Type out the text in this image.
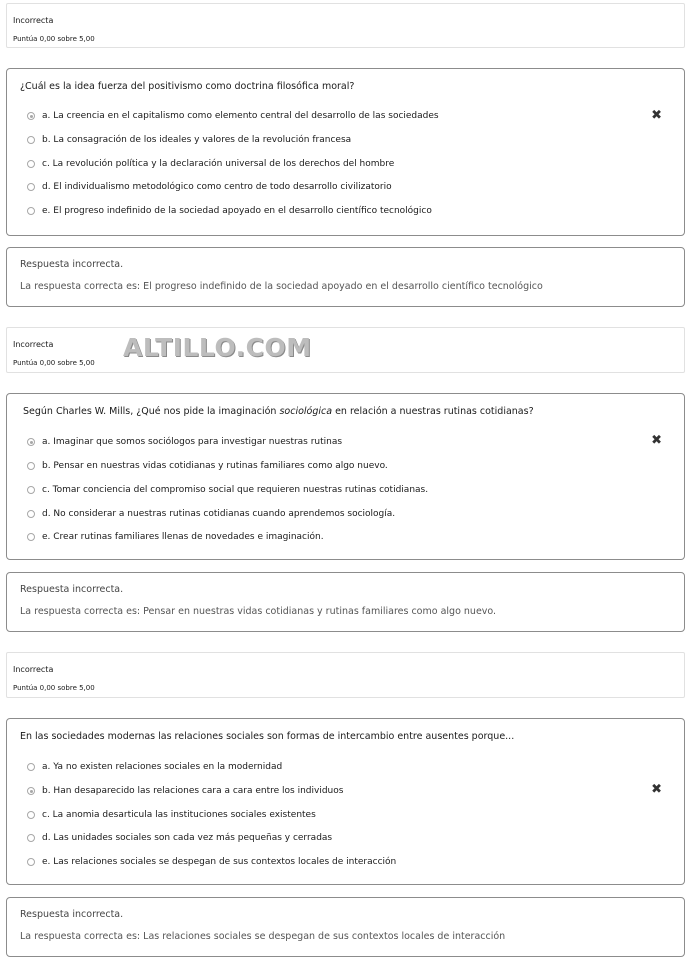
Incorrecta
Puntúa 0,00 sobre 5,00
¿Cuál es la idea fuerza del positivismo como doctrina filosófica moral?
a. La creencia en el capitalismo como elemento central del desarrollo de las sociedades
b. La consagración de los ideales y valores de la revolución francesa
c. La revolución política y la declaración universal de los derechos del hombre
d. El individualismo metodológico como centro de todo desarrollo civilizatorio
e. El progreso indefinido de la sociedad apoyado en el desarrollo científico tecnológico
✖
Respuesta incorrecta.
La respuesta correcta es: El progreso indefinido de la sociedad apoyado en el desarrollo científico tecnológico
Incorrecta
Puntúa 0,00 sobre 5,00
ALTILLO.COM
Según Charles W. Mills, ¿Qué nos pide la imaginación sociológica en relación a nuestras rutinas cotidianas?
a. Imaginar que somos sociólogos para investigar nuestras rutinas
b. Pensar en nuestras vidas cotidianas y rutinas familiares como algo nuevo.
c. Tomar conciencia del compromiso social que requieren nuestras rutinas cotidianas.
d. No considerar a nuestras rutinas cotidianas cuando aprendemos sociología.
e. Crear rutinas familiares llenas de novedades e imaginación.
✖
Respuesta incorrecta.
La respuesta correcta es: Pensar en nuestras vidas cotidianas y rutinas familiares como algo nuevo.
Incorrecta
Puntúa 0,00 sobre 5,00
En las sociedades modernas las relaciones sociales son formas de intercambio entre ausentes porque...
a. Ya no existen relaciones sociales en la modernidad
b. Han desaparecido las relaciones cara a cara entre los individuos
c. La anomia desarticula las instituciones sociales existentes
d. Las unidades sociales son cada vez más pequeñas y cerradas
e. Las relaciones sociales se despegan de sus contextos locales de interacción
✖
Respuesta incorrecta.
La respuesta correcta es: Las relaciones sociales se despegan de sus contextos locales de interacción
